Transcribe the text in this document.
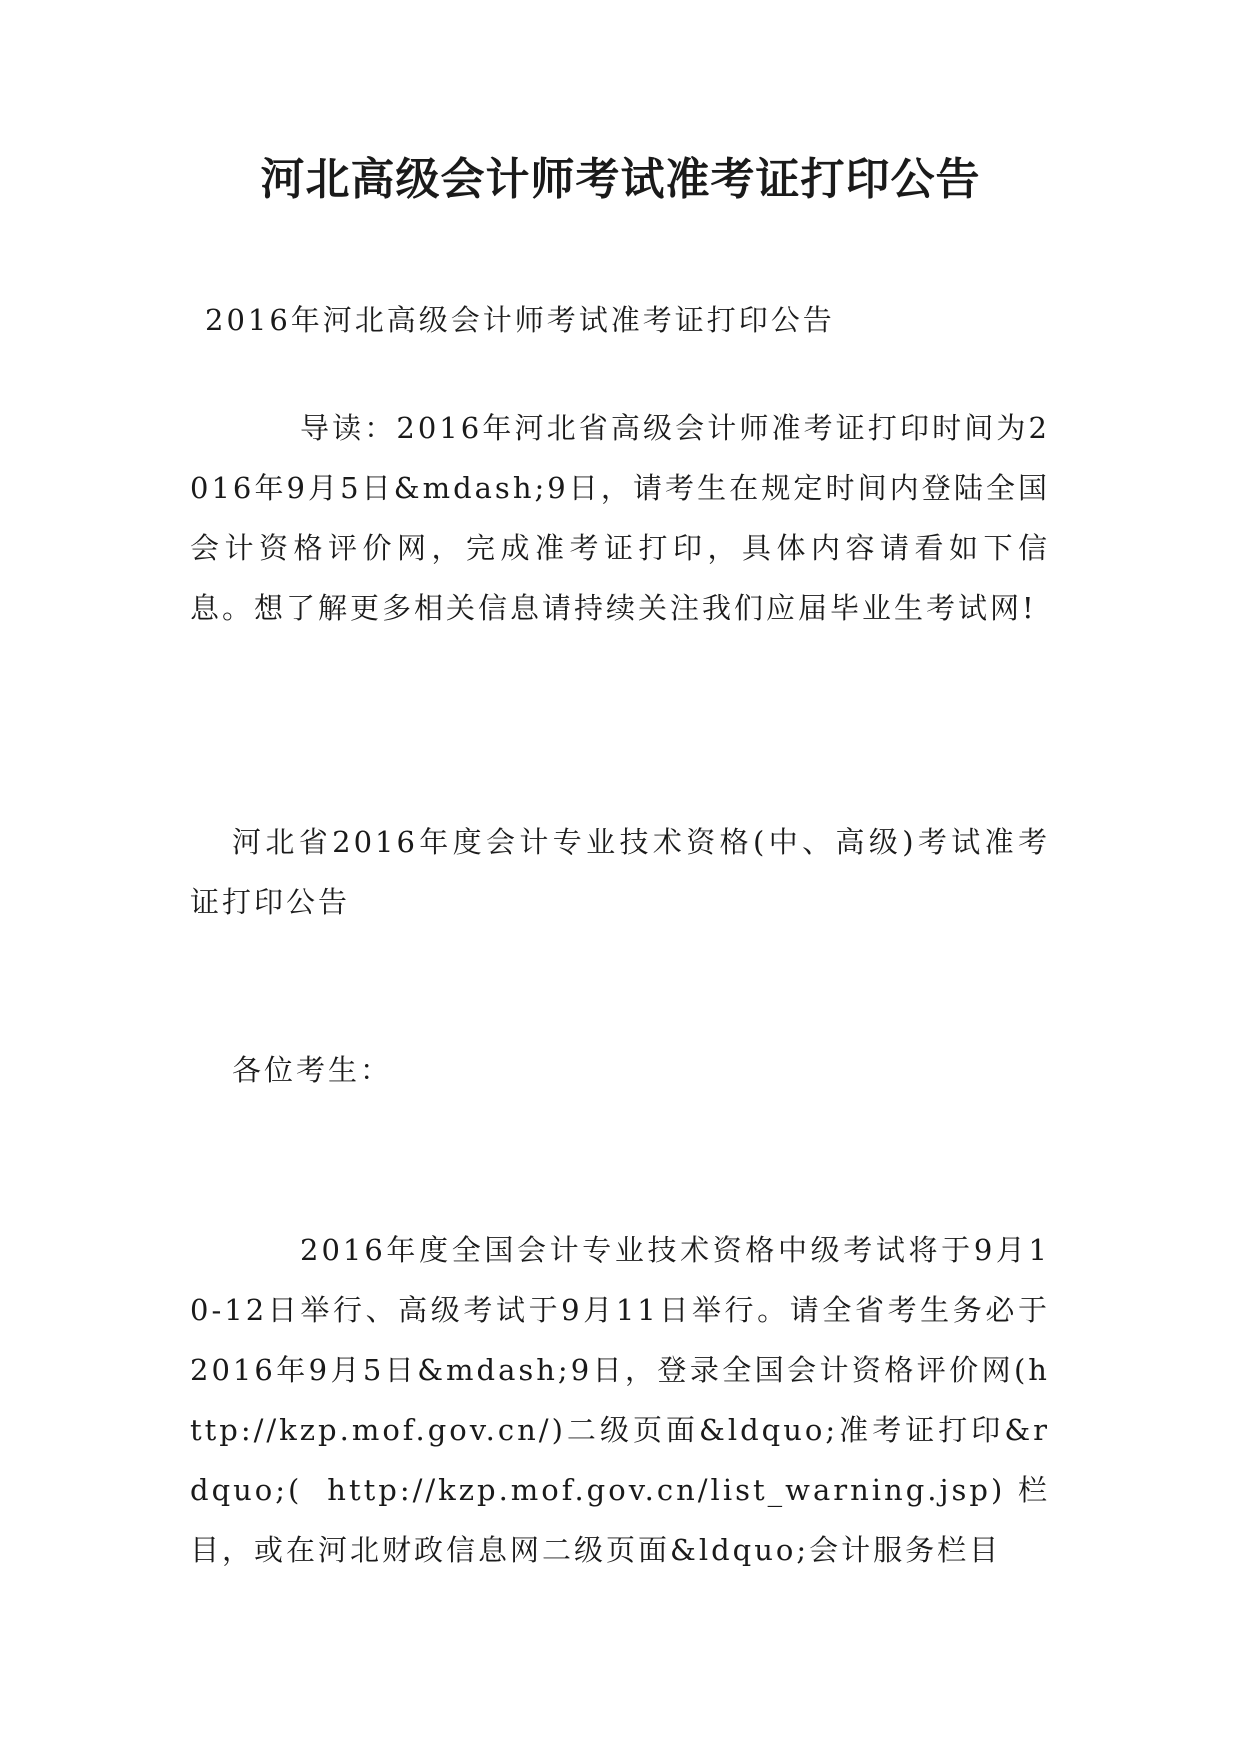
河北高级会计师考试准考证打印公告

2016年河北高级会计师考试准考证打印公告

导读：2016年河北省高级会计师准考证打印时间为2016年9月5日&mdash;9日，请考生在规定时间内登陆全国会计资格评价网，完成准考证打印，具体内容请看如下信息。想了解更多相关信息请持续关注我们应届毕业生考试网!

河北省2016年度会计专业技术资格(中、高级)考试准考证打印公告

各位考生：

2016年度全国会计专业技术资格中级考试将于9月10-12日举行、高级考试于9月11日举行。请全省考生务必于2016年9月5日&mdash;9日，登录全国会计资格评价网(http://kzp.mof.gov.cn/)二级页面&ldquo;准考证打印&rdquo;( http://kzp.mof.gov.cn/list_warning.jsp)栏目，或在河北财政信息网二级页面&ldquo;会计服务栏目
